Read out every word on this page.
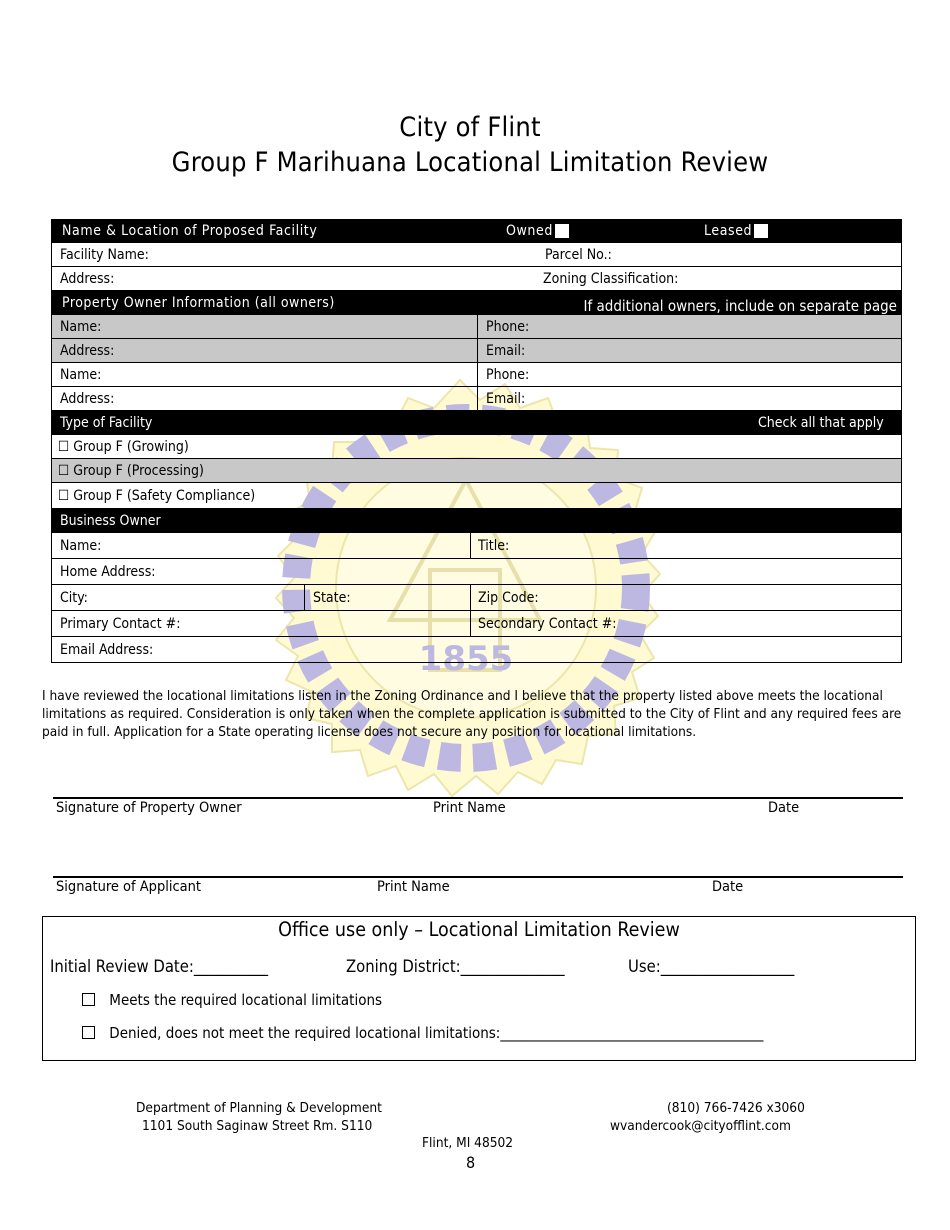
1855
City of Flint
Group F Marihuana Locational Limitation Review
Name & Location of Proposed Facility	Owned	Leased
Facility Name:	Parcel No.:
Address:	Zoning Classification:
Property Owner Information (all owners)	If additional owners, include on separate page
Name:	Phone:
Address:	Email:
Name:	Phone:
Address:	Email:
Type of Facility	Check all that apply
☐ Group F (Growing)
☐ Group F (Processing)
☐ Group F (Safety Compliance)
Business Owner
Name:	Title:
Home Address:
City:	State:	Zip Code:
Primary Contact #:	Secondary Contact #:
Email Address:
I have reviewed the locational limitations listen in the Zoning Ordinance and I believe that the property listed above meets the locational limitations as required. Consideration is only taken when the complete application is submitted to the City of Flint and any required fees are paid in full. Application for a State operating license does not secure any position for locational limitations.
Signature of Property Owner	Print Name	Date
Signature of Applicant	Print Name	Date
Office use only – Locational Limitation Review
Initial Review Date:__________	Zoning District:______________	Use:__________________
Meets the required locational limitations
Denied, does not meet the required locational limitations:_______________________________________
Department of Planning & Development
1101 South Saginaw Street Rm. S110
Flint, MI 48502
(810) 766-7426 x3060
wvandercook@cityofflint.com
8
